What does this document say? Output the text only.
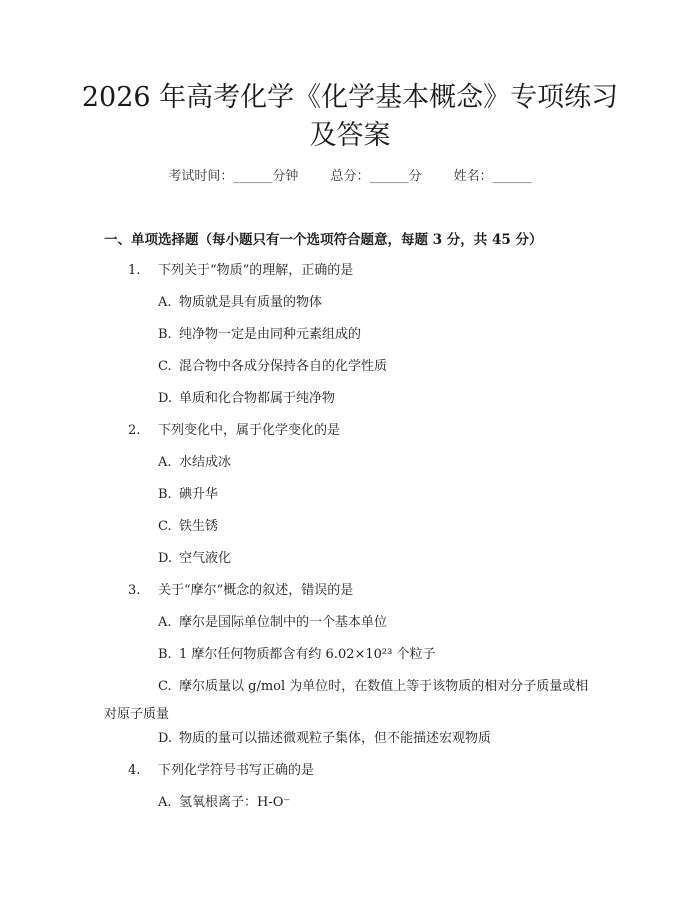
2026 年高考化学《化学基本概念》专项练习
及答案
考试时间：______分钟 总分：______分 姓名：______
一、单项选择题（每小题只有一个选项符合题意，每题 3 分，共 45 分）
1. 下列关于“物质”的理解，正确的是
A. 物质就是具有质量的物体
B. 纯净物一定是由同种元素组成的
C. 混合物中各成分保持各自的化学性质
D. 单质和化合物都属于纯净物
2. 下列变化中，属于化学变化的是
A. 水结成冰
B. 碘升华
C. 铁生锈
D. 空气液化
3. 关于“摩尔”概念的叙述，错误的是
A. 摩尔是国际单位制中的一个基本单位
B. 1 摩尔任何物质都含有约 6.02×10²³ 个粒子
C. 摩尔质量以 g/mol 为单位时，在数值上等于该物质的相对分子质量或相对原子质量
D. 物质的量可以描述微观粒子集体，但不能描述宏观物质
4. 下列化学符号书写正确的是
A. 氢氧根离子：H-O⁻
